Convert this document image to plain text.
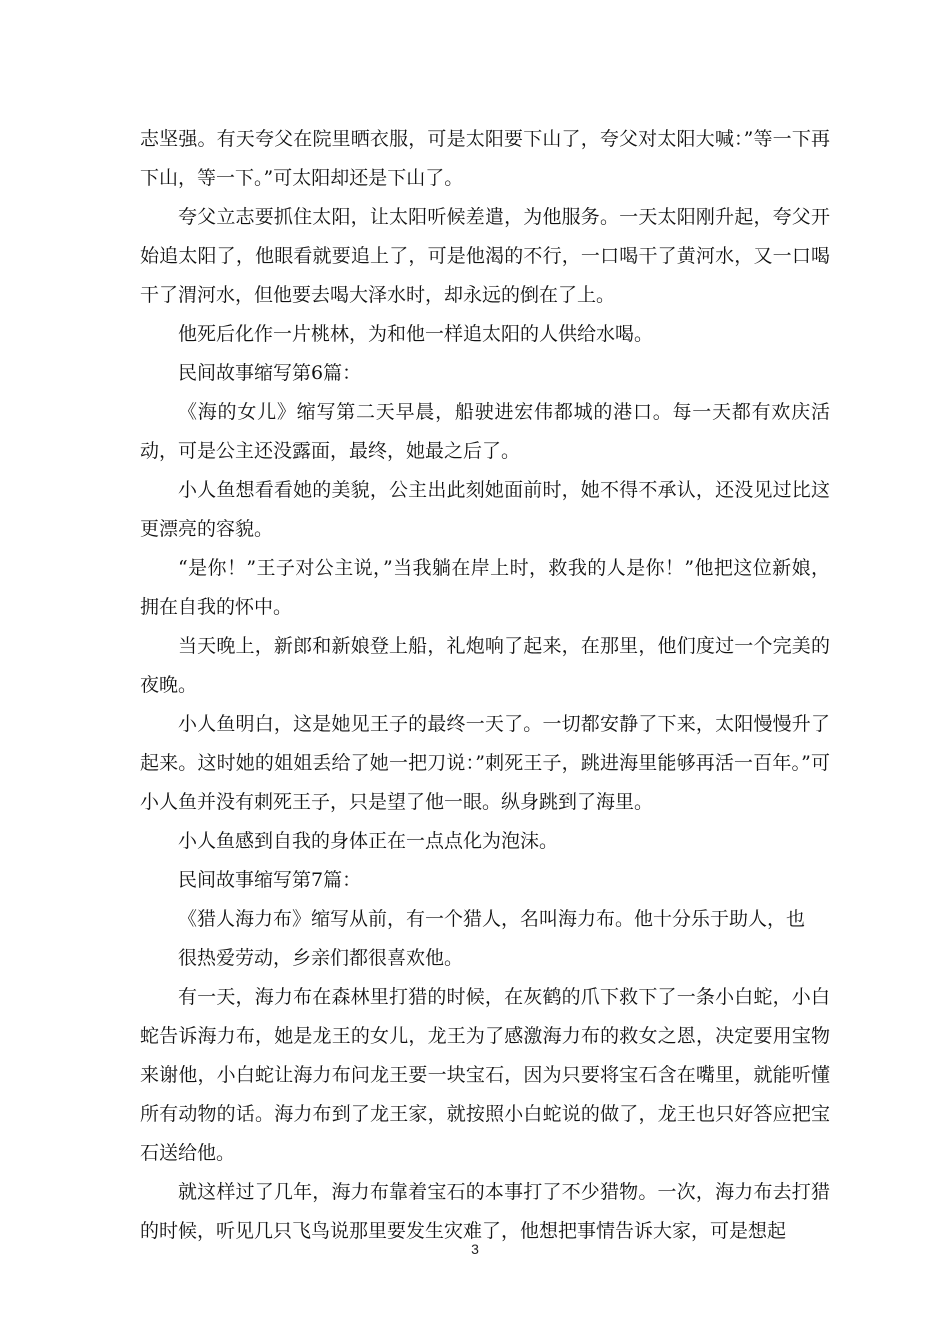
志坚强。有天夸父在院里晒衣服，可是太阳要下山了，夸父对太阳大喊：”等一下再下山，等一下。”可太阳却还是下山了。

夸父立志要抓住太阳，让太阳听候差遣，为他服务。一天太阳刚升起，夸父开始追太阳了，他眼看就要追上了，可是他渴的不行，一口喝干了黄河水，又一口喝干了渭河水，但他要去喝大泽水时，却永远的倒在了上。

他死后化作一片桃林，为和他一样追太阳的人供给水喝。

民间故事缩写第6篇：

《海的女儿》缩写第二天早晨，船驶进宏伟都城的港口。每一天都有欢庆活动，可是公主还没露面，最终，她最之后了。

小人鱼想看看她的美貌，公主出此刻她面前时，她不得不承认，还没见过比这更漂亮的容貌。

“是你！”王子对公主说，”当我躺在岸上时，救我的人是你！”他把这位新娘，拥在自我的怀中。

当天晚上，新郎和新娘登上船，礼炮响了起来，在那里，他们度过一个完美的夜晚。

小人鱼明白，这是她见王子的最终一天了。一切都安静了下来，太阳慢慢升了起来。这时她的姐姐丢给了她一把刀说：”刺死王子，跳进海里能够再活一百年。”可小人鱼并没有刺死王子，只是望了他一眼。纵身跳到了海里。

小人鱼感到自我的身体正在一点点化为泡沫。

民间故事缩写第7篇：

《猎人海力布》缩写从前，有一个猎人，名叫海力布。他十分乐于助人，也

很热爱劳动，乡亲们都很喜欢他。

有一天，海力布在森林里打猎的时候，在灰鹤的爪下救下了一条小白蛇，小白蛇告诉海力布，她是龙王的女儿，龙王为了感激海力布的救女之恩，决定要用宝物来谢他，小白蛇让海力布问龙王要一块宝石，因为只要将宝石含在嘴里，就能听懂所有动物的话。海力布到了龙王家，就按照小白蛇说的做了，龙王也只好答应把宝石送给他。

就这样过了几年，海力布靠着宝石的本事打了不少猎物。一次，海力布去打猎的时候，听见几只飞鸟说那里要发生灾难了，他想把事情告诉大家，可是想起

3
